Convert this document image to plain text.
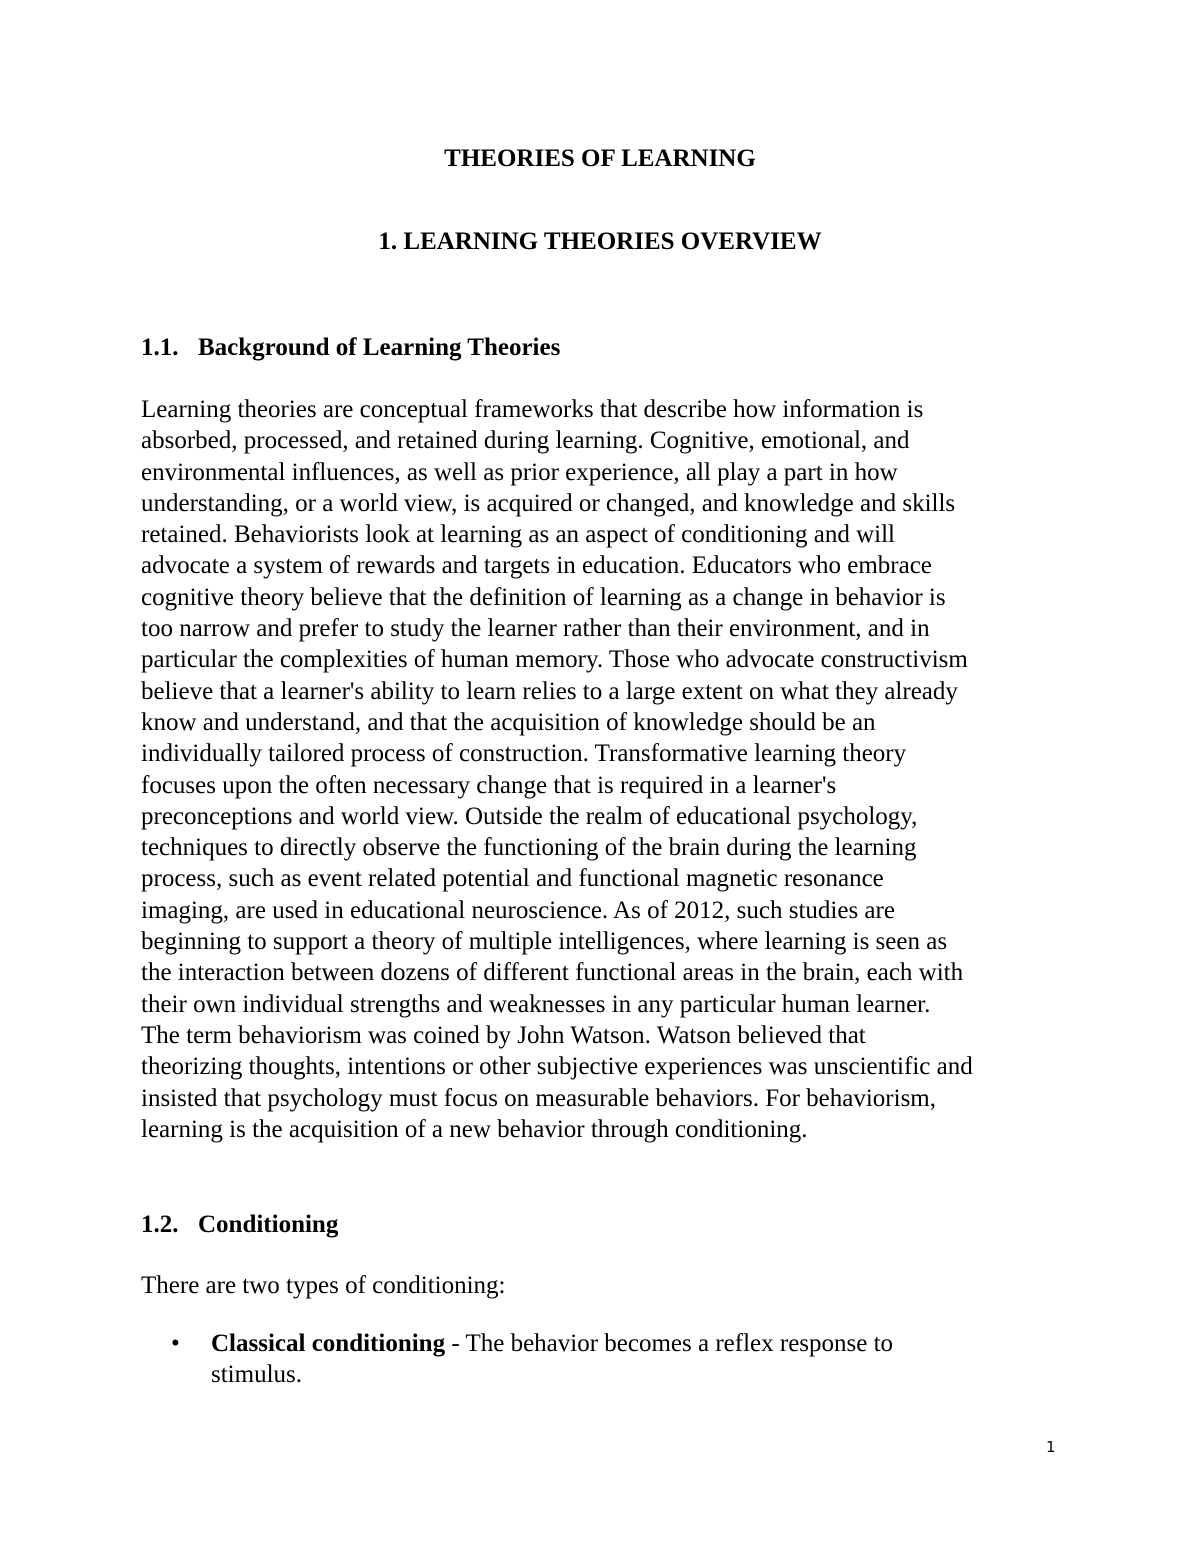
THEORIES OF LEARNING
1. LEARNING THEORIES OVERVIEW
1.1. Background of Learning Theories

Learning theories are conceptual frameworks that describe how information is
absorbed, processed, and retained during learning. Cognitive, emotional, and
environmental influences, as well as prior experience, all play a part in how
understanding, or a world view, is acquired or changed, and knowledge and skills
retained. Behaviorists look at learning as an aspect of conditioning and will
advocate a system of rewards and targets in education. Educators who embrace
cognitive theory believe that the definition of learning as a change in behavior is
too narrow and prefer to study the learner rather than their environment, and in
particular the complexities of human memory. Those who advocate constructivism
believe that a learner's ability to learn relies to a large extent on what they already
know and understand, and that the acquisition of knowledge should be an
individually tailored process of construction. Transformative learning theory
focuses upon the often necessary change that is required in a learner's
preconceptions and world view. Outside the realm of educational psychology,
techniques to directly observe the functioning of the brain during the learning
process, such as event related potential and functional magnetic resonance
imaging, are used in educational neuroscience. As of 2012, such studies are
beginning to support a theory of multiple intelligences, where learning is seen as
the interaction between dozens of different functional areas in the brain, each with
their own individual strengths and weaknesses in any particular human learner.
The term behaviorism was coined by John Watson. Watson believed that
theorizing thoughts, intentions or other subjective experiences was unscientific and
insisted that psychology must focus on measurable behaviors. For behaviorism,
learning is the acquisition of a new behavior through conditioning.

1.2. Conditioning

There are two types of conditioning:

• Classical conditioning - The behavior becomes a reflex response to
stimulus.
1
